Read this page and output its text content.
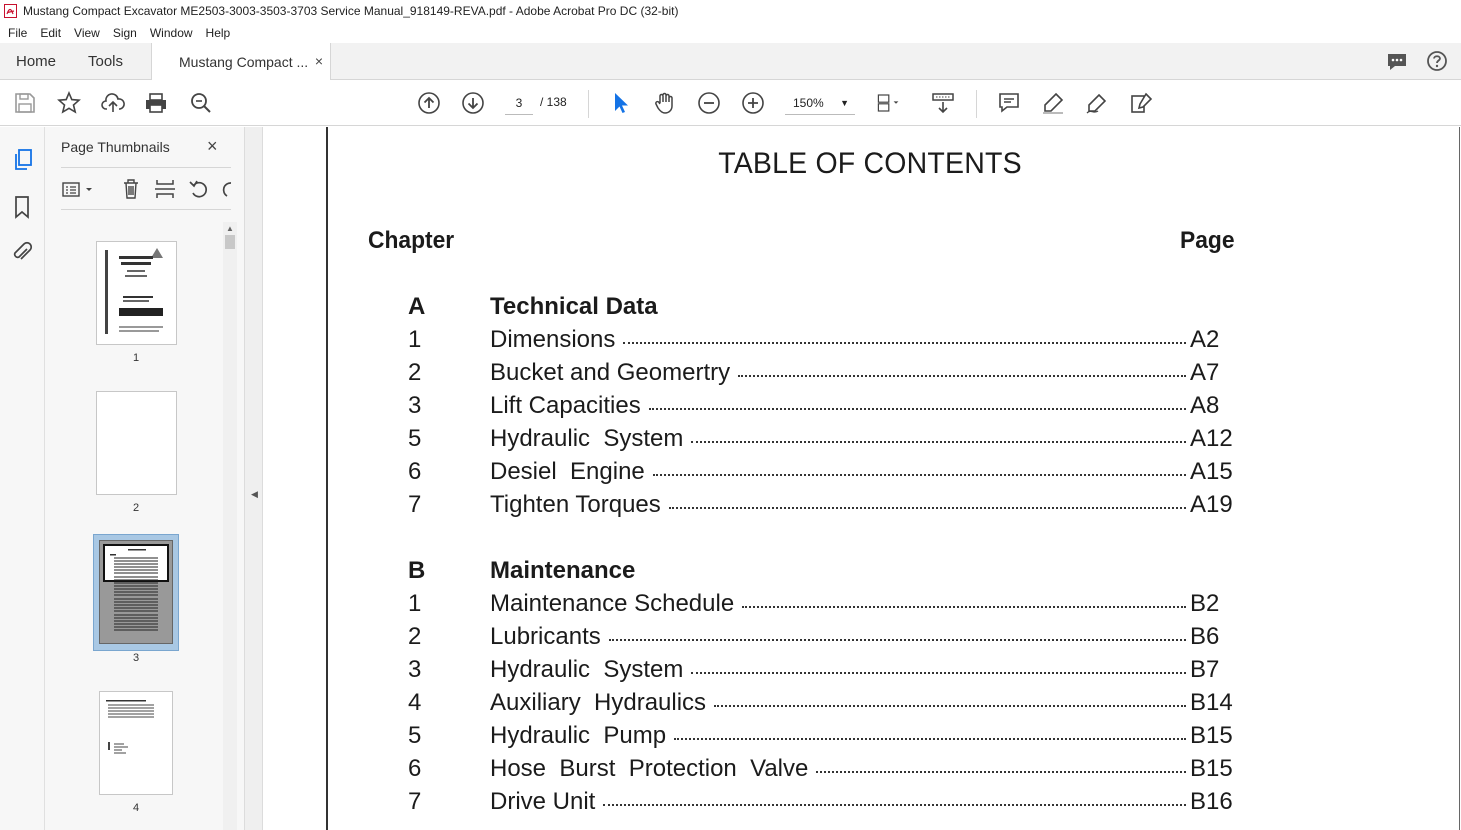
Mustang Compact Excavator ME2503-3003-3503-3703 Service Manual_918149-REVA.pdf - Adobe Acrobat Pro DC (32-bit)
File Edit View Sign Window Help
Home Tools	Mustang Compact ... ×
3	/ 138	150% ▼
Page Thumbnails ×
1
2
3
4
▲
◀
TABLE OF CONTENTS
Chapter	Page
A	Technical Data
1	Dimensions	A2
2	Bucket and Geomertry	A7
3	Lift Capacities	A8
5	Hydraulic  System	A12
6	Desiel  Engine	A15
7	Tighten Torques	A19
B	Maintenance
1	Maintenance Schedule	B2
2	Lubricants	B6
3	Hydraulic  System	B7
4	Auxiliary  Hydraulics	B14
5	Hydraulic  Pump	B15
6	Hose  Burst  Protection  Valve	B15
7	Drive Unit	B16
